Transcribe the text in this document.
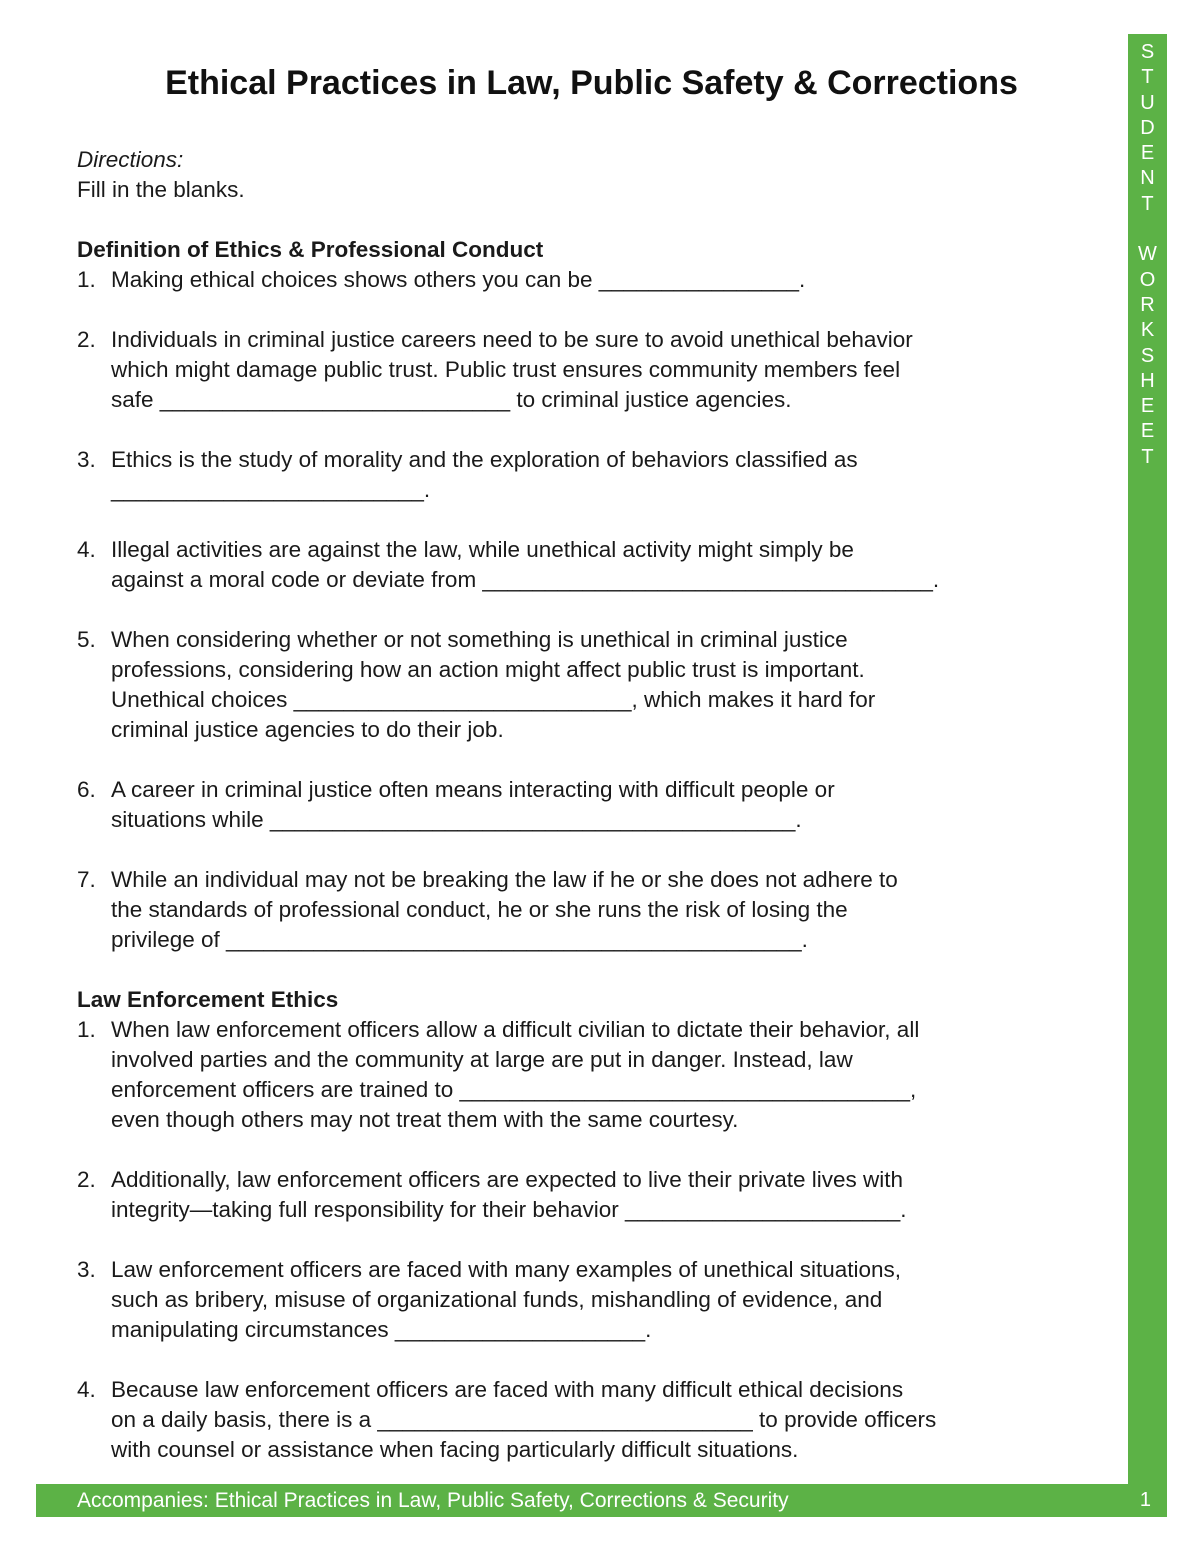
Ethical Practices in Law, Public Safety & Corrections
Directions:
Fill in the blanks.
Definition of Ethics & Professional Conduct
1. Making ethical choices shows others you can be ________________.
2. Individuals in criminal justice careers need to be sure to avoid unethical behavior
which might damage public trust. Public trust ensures community members feel
safe ____________________________ to criminal justice agencies.
3. Ethics is the study of morality and the exploration of behaviors classified as
_________________________.
4. Illegal activities are against the law, while unethical activity might simply be
against a moral code or deviate from ____________________________________.
5. When considering whether or not something is unethical in criminal justice
professions, considering how an action might affect public trust is important.
Unethical choices ___________________________, which makes it hard for
criminal justice agencies to do their job.
6. A career in criminal justice often means interacting with difficult people or
situations while __________________________________________.
7. While an individual may not be breaking the law if he or she does not adhere to
the standards of professional conduct, he or she runs the risk of losing the
privilege of ______________________________________________.
Law Enforcement Ethics
1. When law enforcement officers allow a difficult civilian to dictate their behavior, all
involved parties and the community at large are put in danger. Instead, law
enforcement officers are trained to ____________________________________,
even though others may not treat them with the same courtesy.
2. Additionally, law enforcement officers are expected to live their private lives with
integrity—taking full responsibility for their behavior ______________________.
3. Law enforcement officers are faced with many examples of unethical situations,
such as bribery, misuse of organizational funds, mishandling of evidence, and
manipulating circumstances ____________________.
4. Because law enforcement officers are faced with many difficult ethical decisions
on a daily basis, there is a ______________________________ to provide officers
with counsel or assistance when facing particularly difficult situations.
S
T
U
D
E
N
T
W
O
R
K
S
H
E
E
T
Accompanies: Ethical Practices in Law, Public Safety, Corrections & Security	1
